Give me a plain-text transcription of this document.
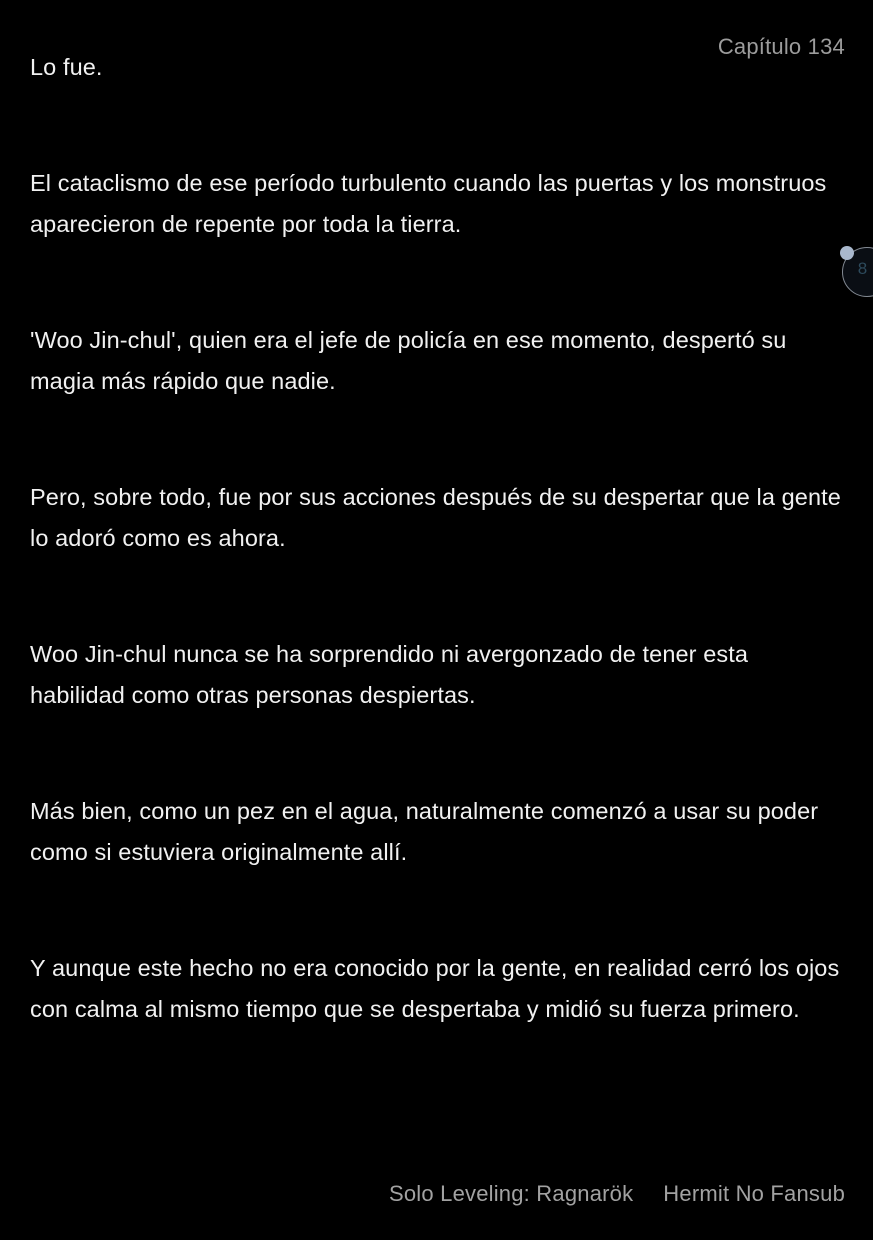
Capítulo 134

Lo fue.

El cataclismo de ese período turbulento cuando las puertas y los monstruos aparecieron de repente por toda la tierra.

'Woo Jin-chul', quien era el jefe de policía en ese momento, despertó su magia más rápido que nadie.

Pero, sobre todo, fue por sus acciones después de su despertar que la gente lo adoró como es ahora.

Woo Jin-chul nunca se ha sorprendido ni avergonzado de tener esta habilidad como otras personas despiertas.

Más bien, como un pez en el agua, naturalmente comenzó a usar su poder como si estuviera originalmente allí.

Y aunque este hecho no era conocido por la gente, en realidad cerró los ojos con calma al mismo tiempo que se despertaba y midió su fuerza primero.

8
Solo Leveling: Ragnarök Hermit No Fansub
